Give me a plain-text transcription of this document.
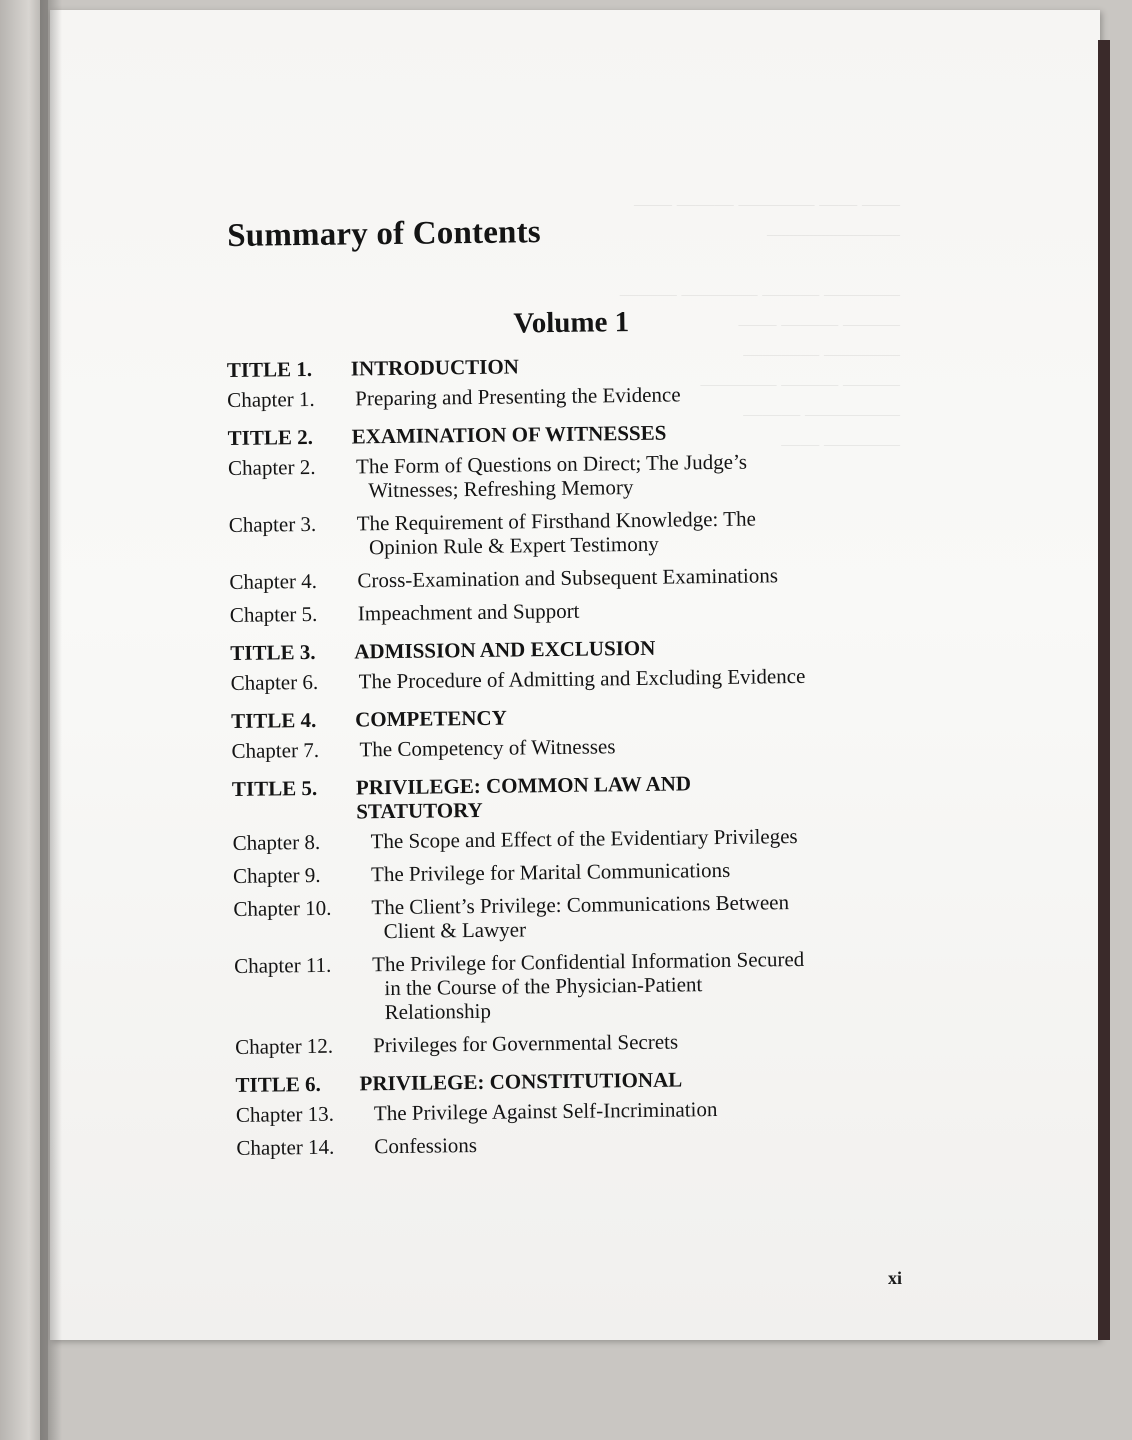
Summary of Contents
Volume 1
TITLE 1.	INTRODUCTION
Chapter 1.	Preparing and Presenting the Evidence
TITLE 2.	EXAMINATION OF WITNESSES
Chapter 2.	The Form of Questions on Direct; The Judge’s
Witnesses; Refreshing Memory
Chapter 3.	The Requirement of Firsthand Knowledge: The
Opinion Rule & Expert Testimony
Chapter 4.	Cross-Examination and Subsequent Examinations
Chapter 5.	Impeachment and Support
TITLE 3.	ADMISSION AND EXCLUSION
Chapter 6.	The Procedure of Admitting and Excluding Evidence
TITLE 4.	COMPETENCY
Chapter 7.	The Competency of Witnesses
TITLE 5.	PRIVILEGE: COMMON LAW AND STATUTORY
Chapter 8.	The Scope and Effect of the Evidentiary Privileges
Chapter 9.	The Privilege for Marital Communications
Chapter 10.	The Client’s Privilege: Communications Between
Client & Lawyer
Chapter 11.	The Privilege for Confidential Information Secured
in the Course of the Physician-Patient
Relationship
Chapter 12.	Privileges for Governmental Secrets
TITLE 6.	PRIVILEGE: CONSTITUTIONAL
Chapter 13.	The Privilege Against Self-Incrimination
Chapter 14.	Confessions
xi
